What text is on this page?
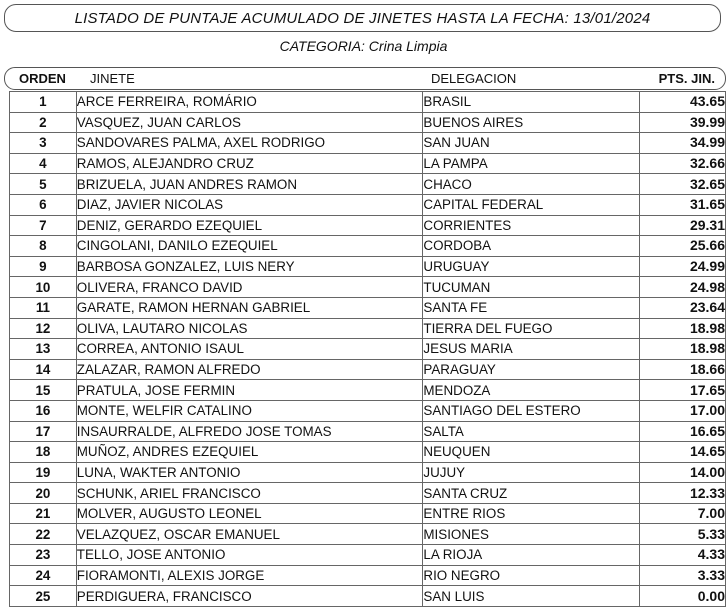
LISTADO DE PUNTAJE ACUMULADO DE JINETES HASTA LA FECHA: 13/01/2024
CATEGORIA: Crina Limpia
ORDEN JINETE	DELEGACION	PTS. JIN.
1	ARCE FERREIRA, ROMÁRIO	BRASIL	43.65
2	VASQUEZ, JUAN CARLOS	BUENOS AIRES	39.99
3	SANDOVARES PALMA, AXEL RODRIGO	SAN JUAN	34.99
4	RAMOS, ALEJANDRO CRUZ	LA PAMPA	32.66
5	BRIZUELA, JUAN ANDRES RAMON	CHACO	32.65
6	DIAZ, JAVIER NICOLAS	CAPITAL FEDERAL	31.65
7	DENIZ, GERARDO EZEQUIEL	CORRIENTES	29.31
8	CINGOLANI, DANILO EZEQUIEL	CORDOBA	25.66
9	BARBOSA GONZALEZ, LUIS NERY	URUGUAY	24.99
10	OLIVERA, FRANCO DAVID	TUCUMAN	24.98
11	GARATE, RAMON HERNAN GABRIEL	SANTA FE	23.64
12	OLIVA, LAUTARO NICOLAS	TIERRA DEL FUEGO	18.98
13	CORREA, ANTONIO ISAUL	JESUS MARIA	18.98
14	ZALAZAR, RAMON ALFREDO	PARAGUAY	18.66
15	PRATULA, JOSE FERMIN	MENDOZA	17.65
16	MONTE, WELFIR CATALINO	SANTIAGO DEL ESTERO	17.00
17	INSAURRALDE, ALFREDO JOSE TOMAS	SALTA	16.65
18	MUÑOZ, ANDRES EZEQUIEL	NEUQUEN	14.65
19	LUNA, WAKTER ANTONIO	JUJUY	14.00
20	SCHUNK, ARIEL FRANCISCO	SANTA CRUZ	12.33
21	MOLVER, AUGUSTO LEONEL	ENTRE RIOS	7.00
22	VELAZQUEZ, OSCAR EMANUEL	MISIONES	5.33
23	TELLO, JOSE ANTONIO	LA RIOJA	4.33
24	FIORAMONTI, ALEXIS JORGE	RIO NEGRO	3.33
25	PERDIGUERA, FRANCISCO	SAN LUIS	0.00
